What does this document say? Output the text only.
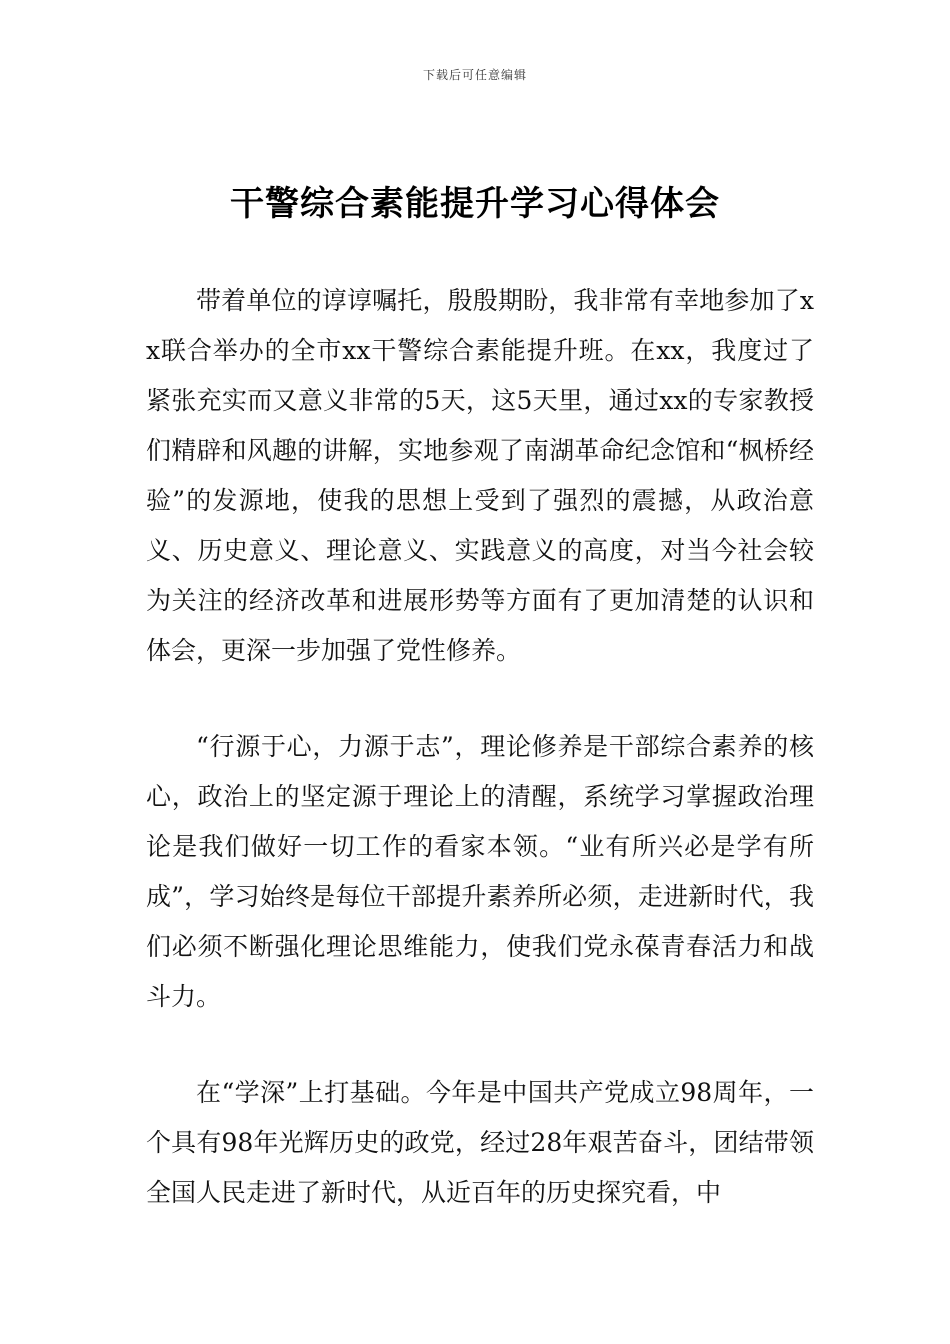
下载后可任意编辑
干警综合素能提升学习心得体会

带着单位的谆谆嘱托，殷殷期盼，我非常有幸地参加了xx联合举办的全市xx干警综合素能提升班。在xx，我度过了紧张充实而又意义非常的5天，这5天里，通过xx的专家教授们精辟和风趣的讲解，实地参观了南湖革命纪念馆和“枫桥经验”的发源地，使我的思想上受到了强烈的震撼，从政治意义、历史意义、理论意义、实践意义的高度，对当今社会较为关注的经济改革和进展形势等方面有了更加清楚的认识和体会，更深一步加强了党性修养。

“行源于心，力源于志”，理论修养是干部综合素养的核心，政治上的坚定源于理论上的清醒，系统学习掌握政治理论是我们做好一切工作的看家本领。“业有所兴必是学有所成”，学习始终是每位干部提升素养所必须，走进新时代，我们必须不断强化理论思维能力，使我们党永葆青春活力和战斗力。

在“学深”上打基础。今年是中国共产党成立98周年，一个具有98年光辉历史的政党，经过28年艰苦奋斗，团结带领全国人民走进了新时代，从近百年的历史探究看，中
